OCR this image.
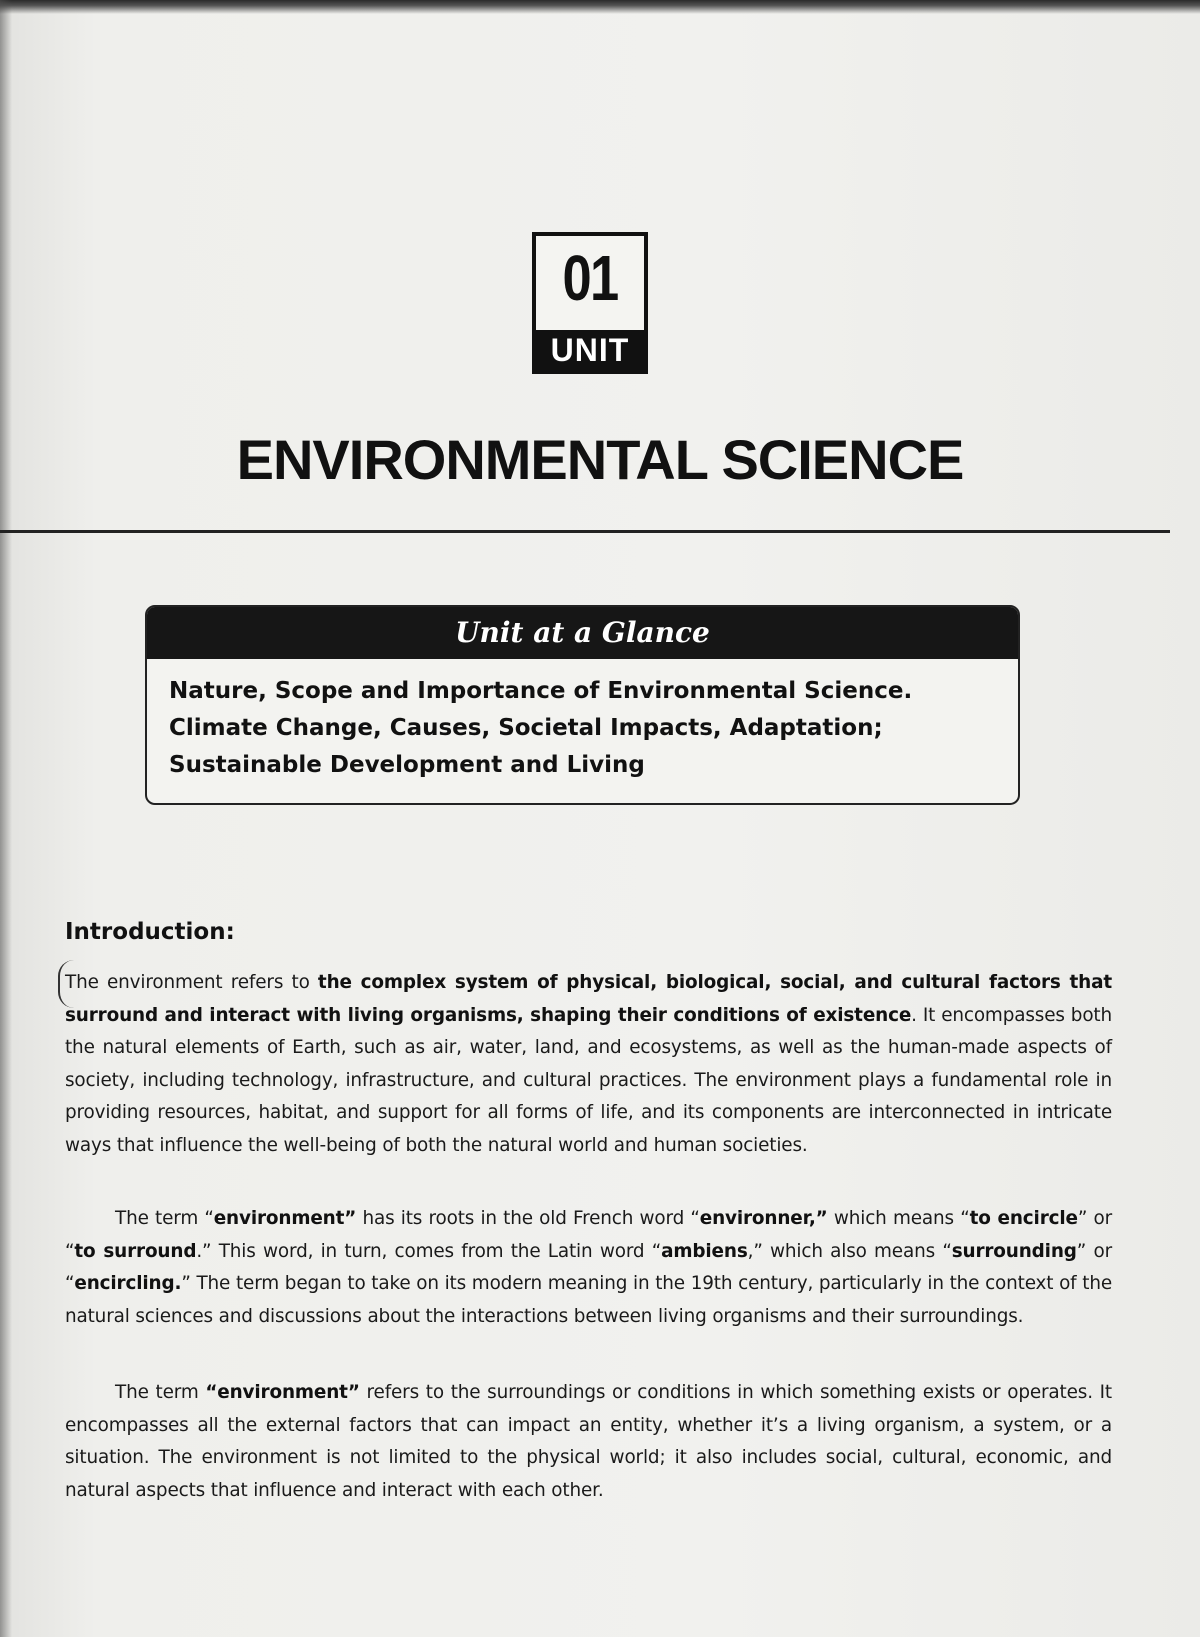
01
UNIT
ENVIRONMENTAL SCIENCE
Unit at a Glance
Nature, Scope and Importance of Environmental Science.
Climate Change, Causes, Societal Impacts, Adaptation;
Sustainable Development and Living
Introduction:

The environment refers to the complex system of physical, biological, social, and cultural factors that surround and interact with living organisms, shaping their conditions of existence. It encompasses both the natural elements of Earth, such as air, water, land, and ecosystems, as well as the human-made aspects of society, including technology, infrastructure, and cultural practices. The environment plays a fundamental role in providing resources, habitat, and support for all forms of life, and its components are interconnected in intricate ways that influence the well-being of both the natural world and human societies.

The term “environment” has its roots in the old French word “environner,” which means “to encircle” or “to surround.” This word, in turn, comes from the Latin word “ambiens,” which also means “surrounding” or “encircling.” The term began to take on its modern meaning in the 19th century, particularly in the context of the natural sciences and discussions about the interactions between living organisms and their surroundings.

The term “environment” refers to the surroundings or conditions in which something exists or operates. It encompasses all the external factors that can impact an entity, whether it’s a living organism, a system, or a situation. The environment is not limited to the physical world; it also includes social, cultural, economic, and natural aspects that influence and interact with each other.
